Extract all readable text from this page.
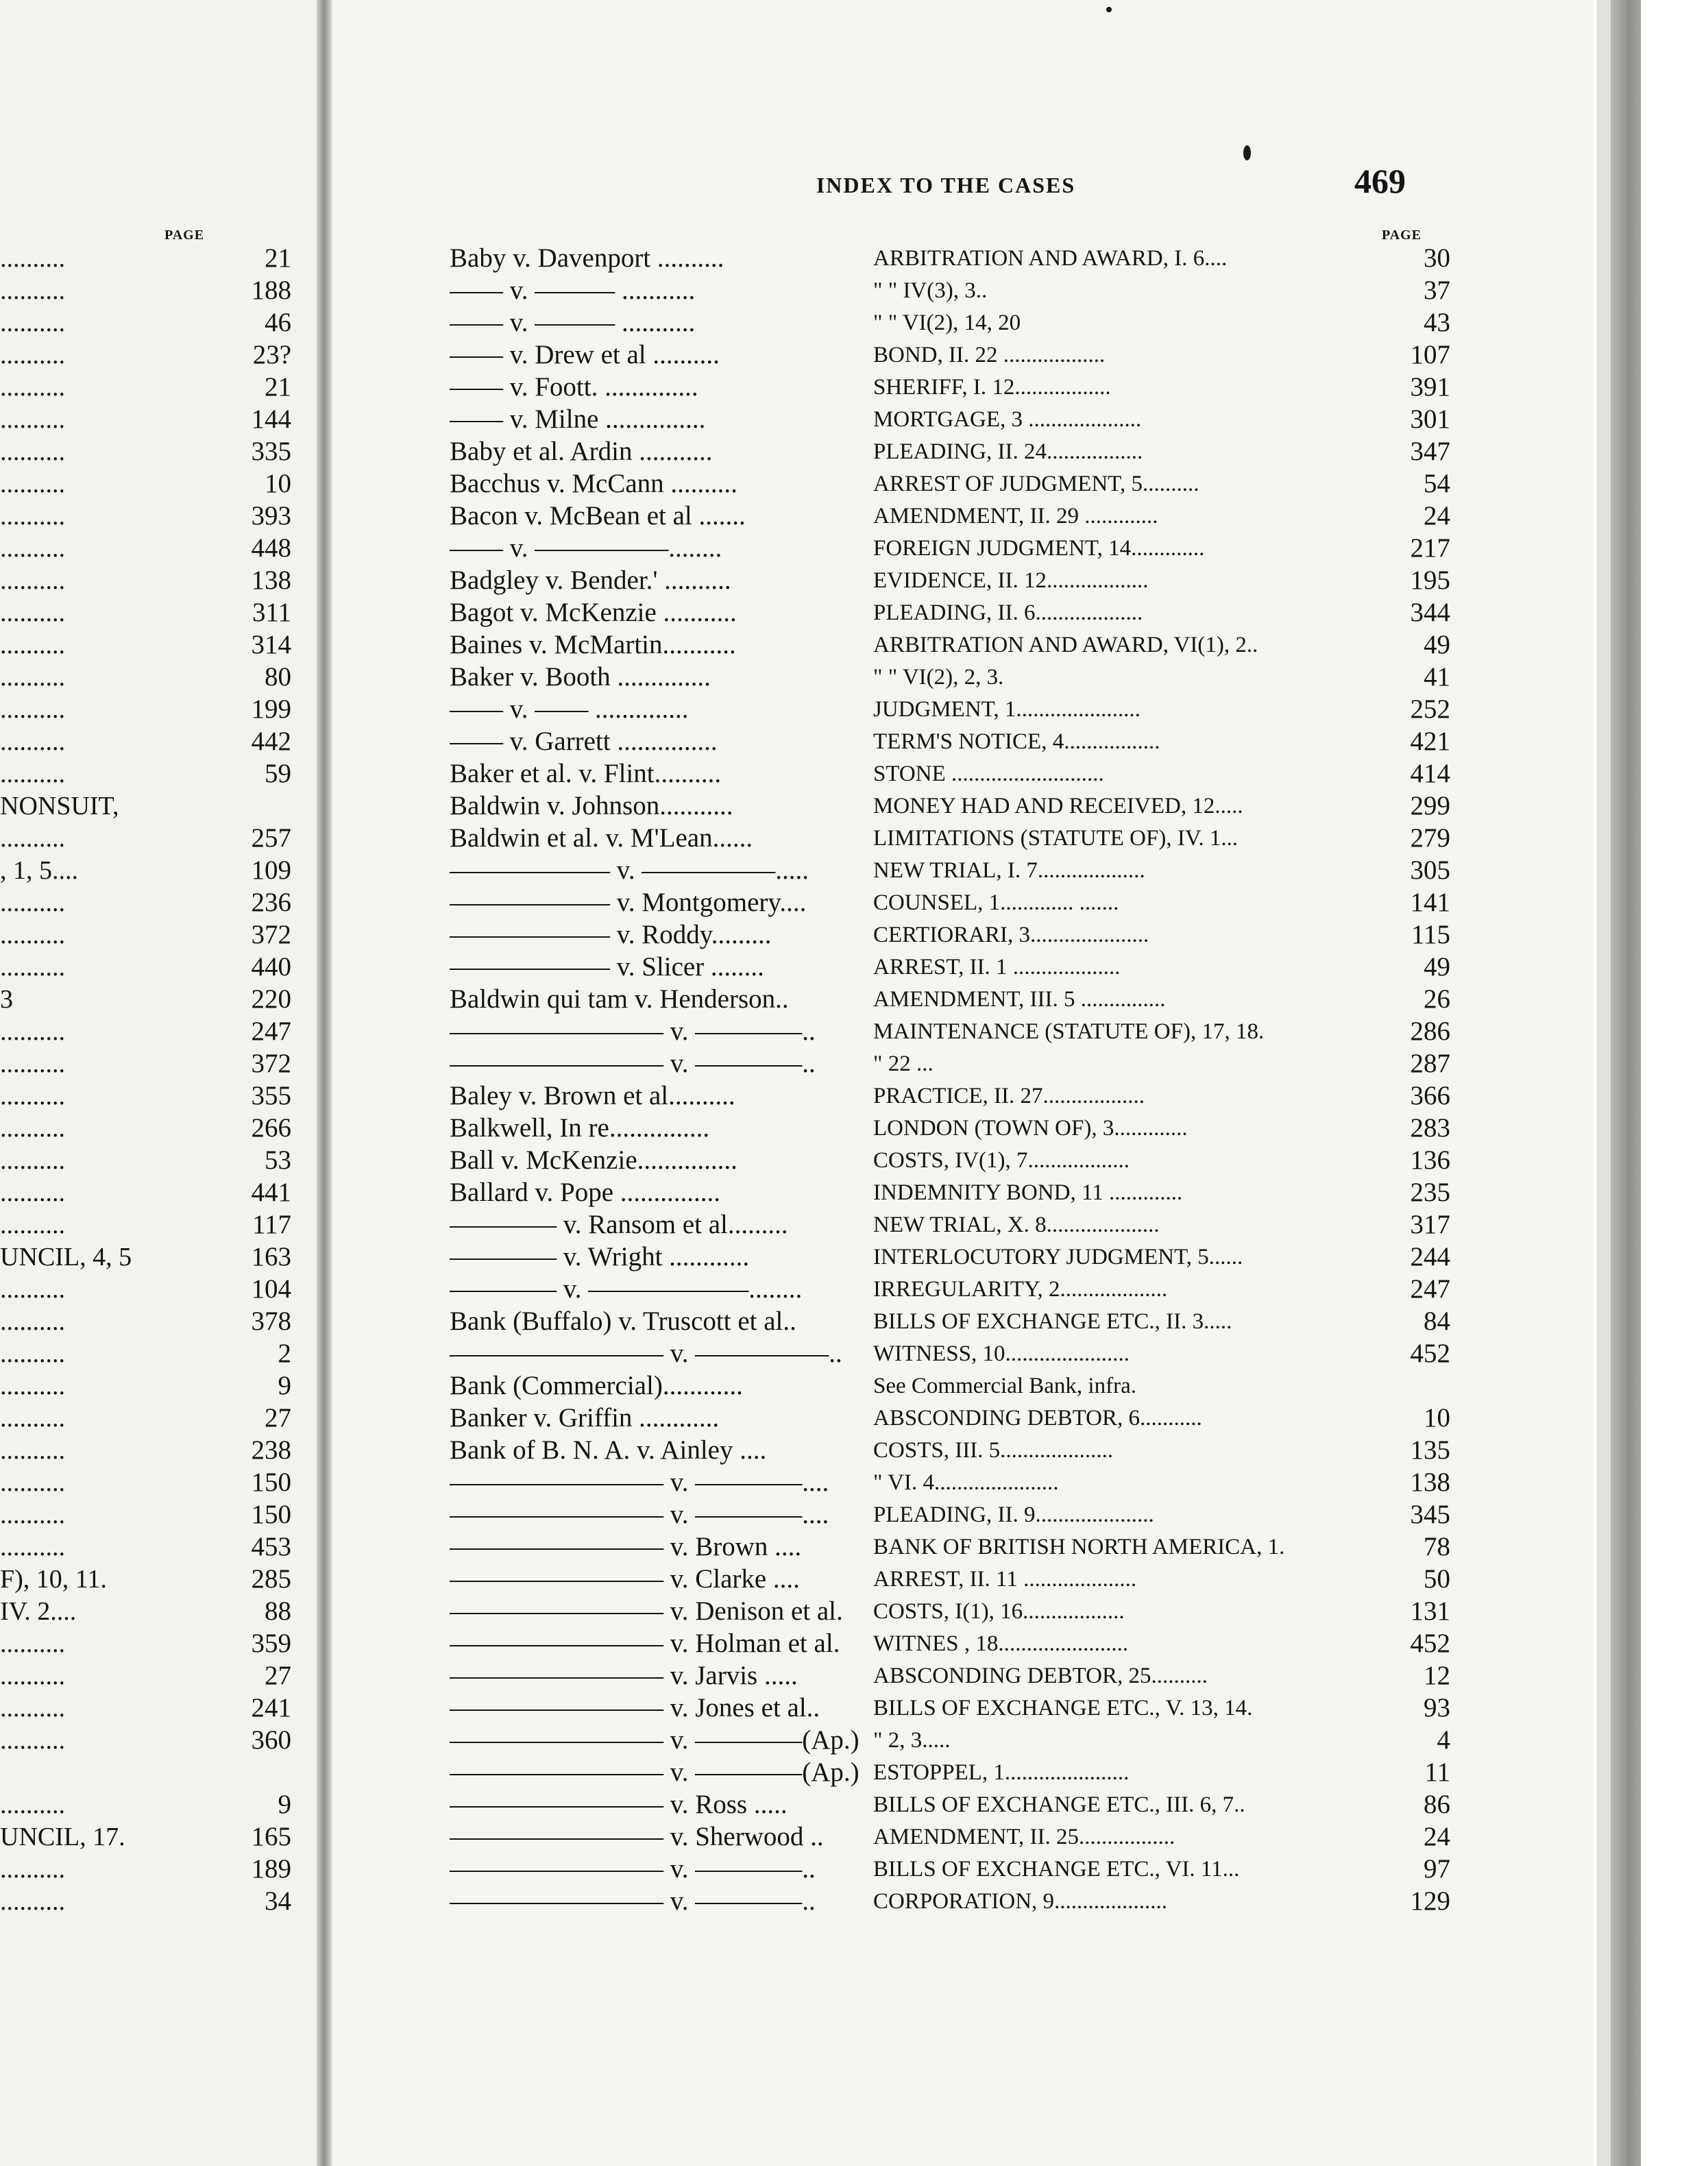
PAGE
..........	21
..........	188
..........	46
..........	23?
..........	21
..........	144
..........	335
..........	10
..........	393
..........	448
..........	138
..........	311
..........	314
..........	80
..........	199
..........	442
..........	59
NONSUIT,
..........	257
, 1, 5....	109
..........	236
..........	372
..........	440
3	220
..........	247
..........	372
..........	355
..........	266
..........	53
..........	441
..........	117
UNCIL, 4, 5	163
..........	104
..........	378
..........	2
..........	9
..........	27
..........	238
..........	150
..........	150
..........	453
F), 10, 11.	285
IV. 2....	88
..........	359
..........	27
..........	241
..........	360
..........	9
UNCIL, 17.	165
..........	189
..........	34
INDEX TO THE CASES	469
PAGE
Baby v. Davenport ..........	ARBITRATION AND AWARD, I. 6....	30
—— v. ——— ...........	" " IV(3), 3..	37
—— v. ——— ...........	" " VI(2), 14, 20	43
—— v. Drew et al ..........	BOND, II. 22 ..................	107
—— v. Foott. ..............	SHERIFF, I. 12.................	391
—— v. Milne ...............	MORTGAGE, 3 ....................	301
Baby et al. Ardin ...........	PLEADING, II. 24.................	347
Bacchus v. McCann ..........	ARREST OF JUDGMENT, 5..........	54
Bacon v. McBean et al .......	AMENDMENT, II. 29 .............	24
—— v. —————........	FOREIGN JUDGMENT, 14.............	217
Badgley v. Bender.' ..........	EVIDENCE, II. 12..................	195
Bagot v. McKenzie ...........	PLEADING, II. 6...................	344
Baines v. McMartin...........	ARBITRATION AND AWARD, VI(1), 2..	49
Baker v. Booth ..............	" " VI(2), 2, 3.	41
—— v. —— ..............	JUDGMENT, 1......................	252
—— v. Garrett ...............	TERM'S NOTICE, 4.................	421
Baker et al. v. Flint..........	STONE ...........................	414
Baldwin v. Johnson...........	MONEY HAD AND RECEIVED, 12.....	299
Baldwin et al. v. M'Lean......	LIMITATIONS (STATUTE OF), IV. 1...	279
—————— v. —————.....	NEW TRIAL, I. 7...................	305
—————— v. Montgomery....	COUNSEL, 1............. .......	141
—————— v. Roddy.........	CERTIORARI, 3.....................	115
—————— v. Slicer ........	ARREST, II. 1 ...................	49
Baldwin qui tam v. Henderson..	AMENDMENT, III. 5 ...............	26
———————— v. ————..	MAINTENANCE (STATUTE OF), 17, 18.	286
———————— v. ————..	" 22 ...	287
Baley v. Brown et al..........	PRACTICE, II. 27..................	366
Balkwell, In re...............	LONDON (TOWN OF), 3.............	283
Ball v. McKenzie...............	COSTS, IV(1), 7..................	136
Ballard v. Pope ...............	INDEMNITY BOND, 11 .............	235
———— v. Ransom et al.........	NEW TRIAL, X. 8....................	317
———— v. Wright ............	INTERLOCUTORY JUDGMENT, 5......	244
———— v. ——————........	IRREGULARITY, 2...................	247
Bank (Buffalo) v. Truscott et al..	BILLS OF EXCHANGE ETC., II. 3.....	84
———————— v. —————..	WITNESS, 10......................	452
Bank (Commercial)............	See Commercial Bank, infra.
Banker v. Griffin ............	ABSCONDING DEBTOR, 6...........	10
Bank of B. N. A. v. Ainley ....	COSTS, III. 5....................	135
———————— v. ————....	" VI. 4......................	138
———————— v. ————....	PLEADING, II. 9.....................	345
———————— v. Brown ....	BANK OF BRITISH NORTH AMERICA, 1.	78
———————— v. Clarke ....	ARREST, II. 11 ....................	50
———————— v. Denison et al.	COSTS, I(1), 16..................	131
———————— v. Holman et al.	WITNES , 18.......................	452
———————— v. Jarvis .....	ABSCONDING DEBTOR, 25..........	12
———————— v. Jones et al..	BILLS OF EXCHANGE ETC., V. 13, 14.	93
———————— v. ————(Ap.) " 2, 3.....	4
———————— v. ————(Ap.) ESTOPPEL, 1......................	11
———————— v. Ross .....	BILLS OF EXCHANGE ETC., III. 6, 7..	86
———————— v. Sherwood ..	AMENDMENT, II. 25.................	24
———————— v. ————..	BILLS OF EXCHANGE ETC., VI. 11...	97
———————— v. ————..	CORPORATION, 9....................	129
